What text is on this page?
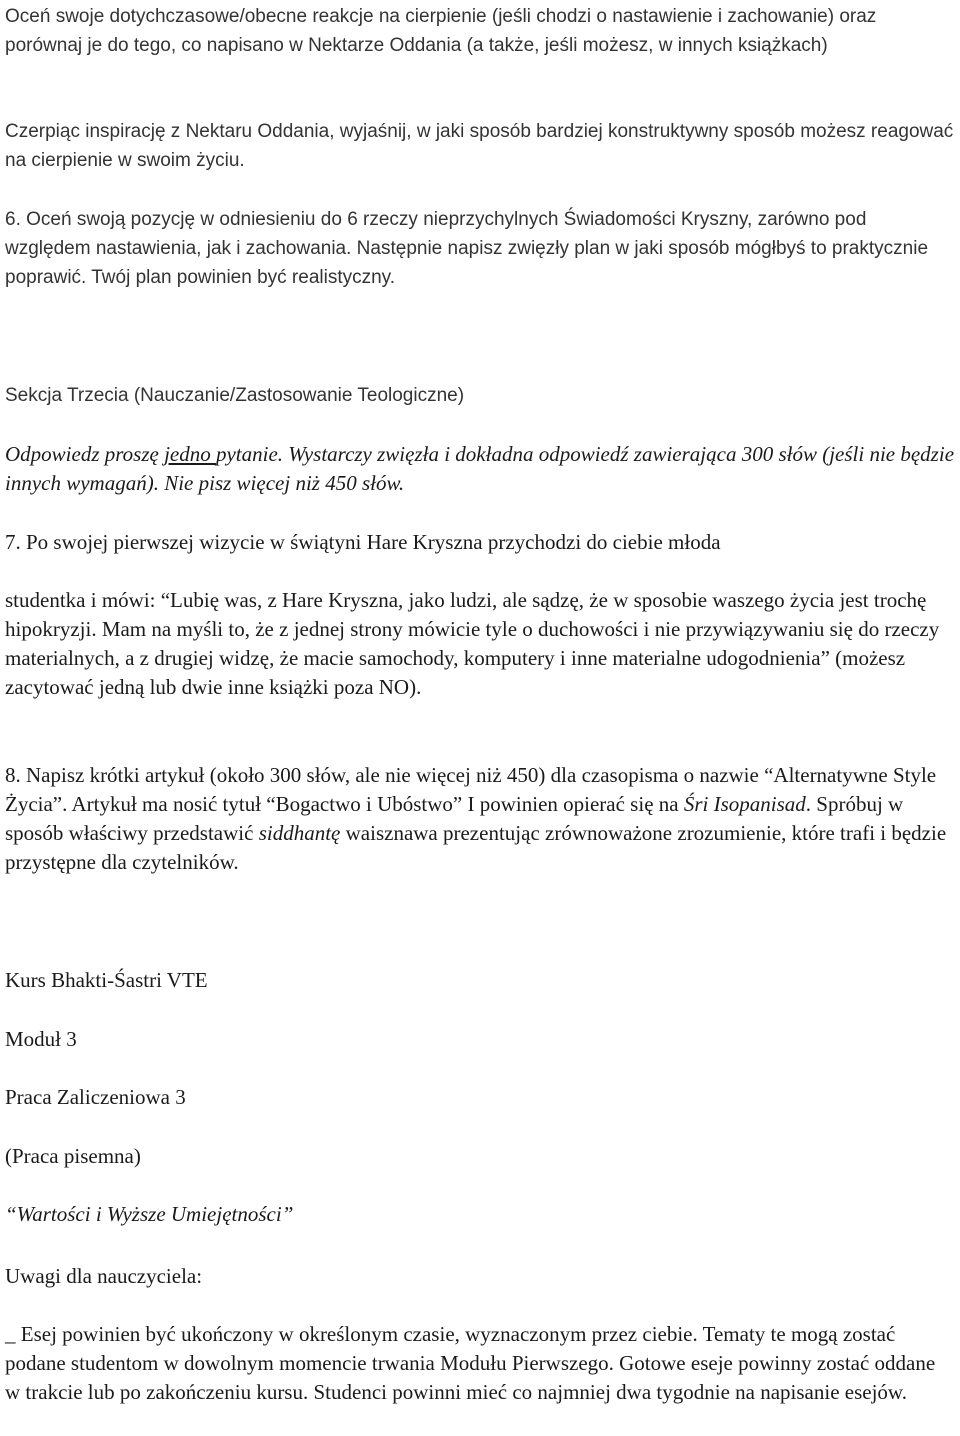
Oceń swoje dotychczasowe/obecne reakcje na cierpienie (jeśli chodzi o nastawienie i zachowanie) oraz porównaj je do tego, co napisano w Nektarze Oddania (a także, jeśli możesz, w innych książkach)

Czerpiąc inspirację z Nektaru Oddania, wyjaśnij, w jaki sposób bardziej konstruktywny sposób możesz reagować na cierpienie w swoim życiu.

6. Oceń swoją pozycję w odniesieniu do 6 rzeczy nieprzychylnych Świadomości Kryszny, zarówno pod względem nastawienia, jak i zachowania. Następnie napisz zwięzły plan w jaki sposób mógłbyś to praktycznie poprawić. Twój plan powinien być realistyczny.

Sekcja Trzecia (Nauczanie/Zastosowanie Teologiczne)

Odpowiedz proszę jedno pytanie. Wystarczy zwięzła i dokładna odpowiedź zawierająca 300 słów (jeśli nie będzie innych wymagań). Nie pisz więcej niż 450 słów.

7. Po swojej pierwszej wizycie w świątyni Hare Kryszna przychodzi do ciebie młoda

studentka i mówi: “Lubię was, z Hare Kryszna, jako ludzi, ale sądzę, że w sposobie waszego życia jest trochę hipokryzji. Mam na myśli to, że z jednej strony mówicie tyle o duchowości i nie przywiązywaniu się do rzeczy materialnych, a z drugiej widzę, że macie samochody, komputery i inne materialne udogodnienia” (możesz zacytować jedną lub dwie inne książki poza NO).

8. Napisz krótki artykuł (około 300 słów, ale nie więcej niż 450) dla czasopisma o nazwie “Alternatywne Style Życia”. Artykuł ma nosić tytuł “Bogactwo i Ubóstwo” I powinien opierać się na Śri Isopanisad. Spróbuj w sposób właściwy przedstawić siddhantę waisznawa prezentując zrównoważone zrozumienie, które trafi i będzie przystępne dla czytelników.

Kurs Bhakti-Śastri VTE

Moduł 3

Praca Zaliczeniowa 3

(Praca pisemna)

“Wartości i Wyższe Umiejętności”

Uwagi dla nauczyciela:

_ Esej powinien być ukończony w określonym czasie, wyznaczonym przez ciebie. Tematy te mogą zostać podane studentom w dowolnym momencie trwania Modułu Pierwszego. Gotowe eseje powinny zostać oddane w trakcie lub po zakończeniu kursu. Studenci powinni mieć co najmniej dwa tygodnie na napisanie esejów.
